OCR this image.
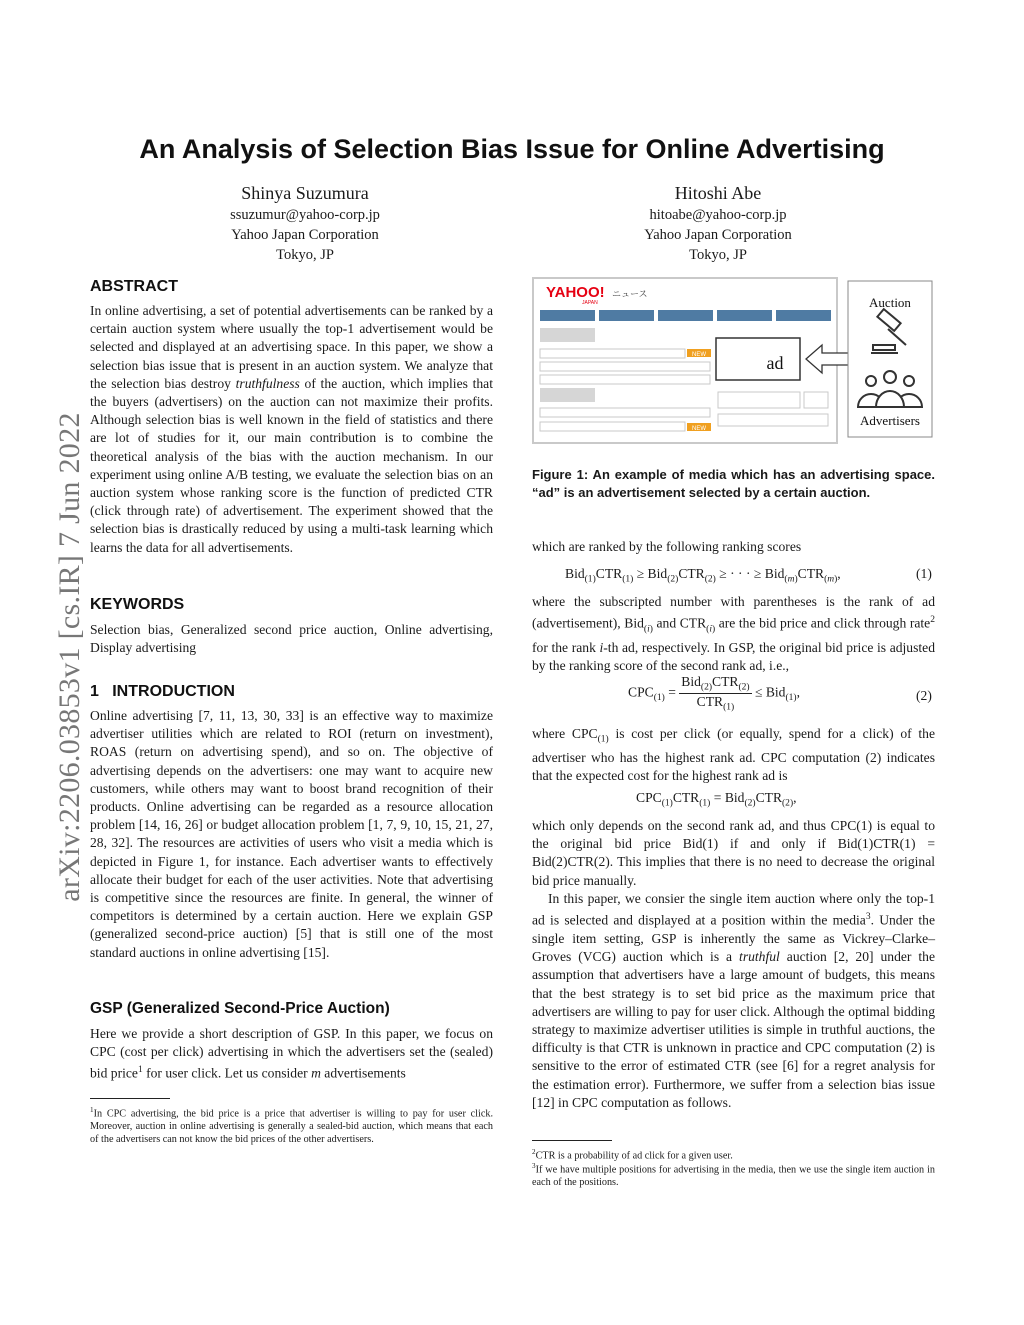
arXiv:2206.03853v1 [cs.IR] 7 Jun 2022
An Analysis of Selection Bias Issue for Online Advertising
Shinya Suzumura
ssuzumur@yahoo-corp.jp
Yahoo Japan Corporation
Tokyo, JP
Hitoshi Abe
hitoabe@yahoo-corp.jp
Yahoo Japan Corporation
Tokyo, JP
ABSTRACT
In online advertising, a set of potential advertisements can be ranked by a certain auction system where usually the top-1 advertisement would be selected and displayed at an advertising space. In this paper, we show a selection bias issue that is present in an auction system. We analyze that the selection bias destroy truthfulness of the auction, which implies that the buyers (advertisers) on the auction can not maximize their profits. Although selection bias is well known in the field of statistics and there are lot of studies for it, our main contribution is to combine the theoretical analysis of the bias with the auction mechanism. In our experiment using online A/B testing, we evaluate the selection bias on an auction system whose ranking score is the function of predicted CTR (click through rate) of advertisement. The experiment showed that the selection bias is drastically reduced by using a multi-task learning which learns the data for all advertisements.
KEYWORDS
Selection bias, Generalized second price auction, Online advertising, Display advertising
1   INTRODUCTION
Online advertising [7, 11, 13, 30, 33] is an effective way to maximize advertiser utilities which are related to ROI (return on investment), ROAS (return on advertising spend), and so on. The objective of advertising depends on the advertisers: one may want to acquire new customers, while others may want to boost brand recognition of their products. Online advertising can be regarded as a resource allocation problem [14, 16, 26] or budget allocation problem [1, 7, 9, 10, 15, 21, 27, 28, 32]. The resources are activities of users who visit a media which is depicted in Figure 1, for instance. Each advertiser wants to effectively allocate their budget for each of the user activities. Note that advertising is competitive since the resources are finite. In general, the winner of competitors is determined by a certain auction. Here we explain GSP (generalized second-price auction) [5] that is still one of the most standard auctions in online advertising [15].
GSP (Generalized Second-Price Auction)
Here we provide a short description of GSP. In this paper, we focus on CPC (cost per click) advertising in which the advertisers set the (sealed) bid price$^1$ for user click. Let us consider m advertisements
$^1$In CPC advertising, the bid price is a price that advertiser is willing to pay for user click. Moreover, auction in online advertising is generally a sealed-bid auction, which means that each of the advertisers can not know the bid prices of the other advertisers.
YAHOO!
JAPAN
ニュース
NEW
NEW
ad
Auction
Advertisers
Figure 1: An example of media which has an advertising space. “ad” is an advertisement selected by a certain auction.
which are ranked by the following ranking scores
$Bid_{(1)}CTR_{(1)} \ge Bid_{(2)}CTR_{(2)}$ ≥ · · · ≥ $Bid_{(m)}CTR_{(m)}$,	(1)
where the subscripted number with parentheses is the rank of ad (advertisement), Bid$_{(i)}$ and $CTR_{(i)}$ are the bid price and click through rate$^2$ for the rank i-th ad, respectively. In GSP, the original bid price is adjusted by the ranking score of the second rank ad, i.e.,
$CPC_{(1)} = \frac{Bid_{(2)}CTR_{(2)}}{CTR_{(1)}} \le Bid_{(1)}$,	(2)
where $CPC_{(1)}$ is cost per click (or equally, spend for a click) of the advertiser who has the highest rank ad. CPC computation (2) indicates that the expected cost for the highest rank ad is
$CPC_{(1)}CTR_{(1)} = Bid_{(2)}CTR_{(2)}$,
which only depends on the second rank ad, and thus CPC(1) is equal to the original bid price Bid(1) if and only if Bid(1)CTR(1) = Bid(2)CTR(2). This implies that there is no need to decrease the original bid price manually.
In this paper, we consier the single item auction where only the top-1 ad is selected and displayed at a position within the media$^3$. Under the single item setting, GSP is inherently the same as Vickrey–Clarke–Groves (VCG) auction which is a truthful auction [2, 20] under the assumption that advertisers have a large amount of budgets, this means that the best strategy is to set bid price as the maximum price that advertisers are willing to pay for user click. Although the optimal bidding strategy to maximize advertiser utilities is simple in truthful auctions, the difficulty is that CTR is unknown in practice and CPC computation (2) is sensitive to the error of estimated CTR (see [6] for a regret analysis for the estimation error). Furthermore, we suffer from a selection bias issue [12] in CPC computation as follows.
$^2$CTR is a probability of ad click for a given user.
$^3$If we have multiple positions for advertising in the media, then we use the single item auction in each of the positions.
